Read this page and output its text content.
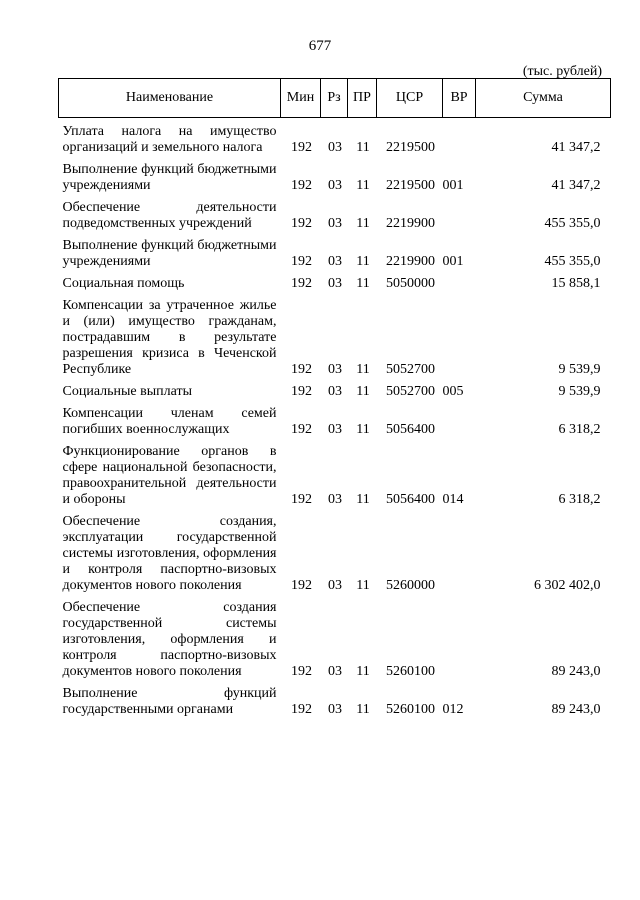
677
(тыс. рублей)
Наименование	Мин	Рз	ПР	ЦСР	ВР	Сумма
Уплата налога на имущество организаций и земельного налога	192	03	11	2219500		41 347,2
Выполнение функций бюджетными учреждениями	192	03	11	2219500	001	41 347,2
Обеспечение деятельности подведомственных учреждений	192	03	11	2219900		455 355,0
Выполнение функций бюджетными учреждениями	192	03	11	2219900	001	455 355,0
Социальная помощь	192	03	11	5050000		15 858,1
Компенсации за утраченное жилье и (или) имущество гражданам, пострадавшим в результате разрешения кризиса в Чеченской Республике	192	03	11	5052700		9 539,9
Социальные выплаты	192	03	11	5052700	005	9 539,9
Компенсации членам семей погибших военнослужащих	192	03	11	5056400		6 318,2
Функционирование органов в сфере национальной безопасности, правоохранительной деятельности и обороны	192	03	11	5056400	014	6 318,2
Обеспечение создания, эксплуатации государственной системы изготовления, оформления и контроля паспортно-визовых документов нового поколения	192	03	11	5260000		6 302 402,0
Обеспечение создания государственной системы изготовления, оформления и контроля паспортно-визовых документов нового поколения	192	03	11	5260100		89 243,0
Выполнение функций государственными органами	192	03	11	5260100	012	89 243,0
